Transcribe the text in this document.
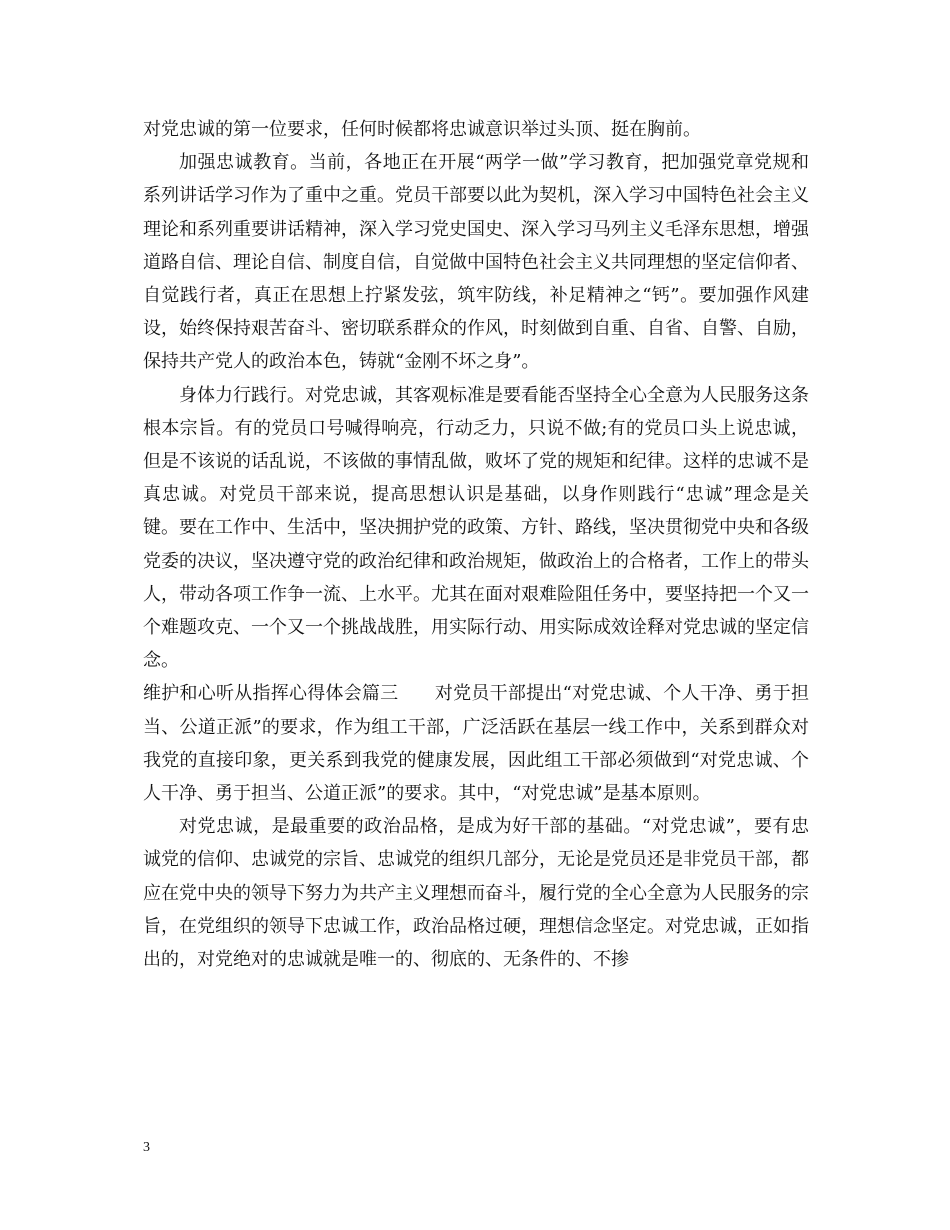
对党忠诚的第一位要求，任何时候都将忠诚意识举过头顶、挺在胸前。

加强忠诚教育。当前，各地正在开展“两学一做”学习教育，把加强党章党规和系列讲话学习作为了重中之重。党员干部要以此为契机，深入学习中国特色社会主义理论和系列重要讲话精神，深入学习党史国史、深入学习马列主义毛泽东思想，增强道路自信、理论自信、制度自信，自觉做中国特色社会主义共同理想的坚定信仰者、自觉践行者，真正在思想上拧紧发弦，筑牢防线，补足精神之“钙”。要加强作风建设，始终保持艰苦奋斗、密切联系群众的作风，时刻做到自重、自省、自警、自励，保持共产党人的政治本色，铸就“金刚不坏之身”。

身体力行践行。对党忠诚，其客观标准是要看能否坚持全心全意为人民服务这条根本宗旨。有的党员口号喊得响亮，行动乏力，只说不做;有的党员口头上说忠诚，但是不该说的话乱说，不该做的事情乱做，败坏了党的规矩和纪律。这样的忠诚不是真忠诚。对党员干部来说，提高思想认识是基础，以身作则践行“忠诚”理念是关键。要在工作中、生活中，坚决拥护党的政策、方针、路线，坚决贯彻党中央和各级党委的决议，坚决遵守党的政治纪律和政治规矩，做政治上的合格者，工作上的带头人，带动各项工作争一流、上水平。尤其在面对艰难险阻任务中，要坚持把一个又一个难题攻克、一个又一个挑战战胜，用实际行动、用实际成效诠释对党忠诚的坚定信念。

维护和心听从指挥心得体会篇三　　 对党员干部提出“对党忠诚、个人干净、勇于担当、公道正派”的要求，作为组工干部，广泛活跃在基层一线工作中，关系到群众对我党的直接印象，更关系到我党的健康发展，因此组工干部必须做到“对党忠诚、个人干净、勇于担当、公道正派”的要求。其中，“对党忠诚”是基本原则。

对党忠诚，是最重要的政治品格，是成为好干部的基础。“对党忠诚”，要有忠诚党的信仰、忠诚党的宗旨、忠诚党的组织几部分，无论是党员还是非党员干部，都应在党中央的领导下努力为共产主义理想而奋斗，履行党的全心全意为人民服务的宗旨，在党组织的领导下忠诚工作，政治品格过硬，理想信念坚定。对党忠诚，正如指出的，对党绝对的忠诚就是唯一的、彻底的、无条件的、不掺

3
